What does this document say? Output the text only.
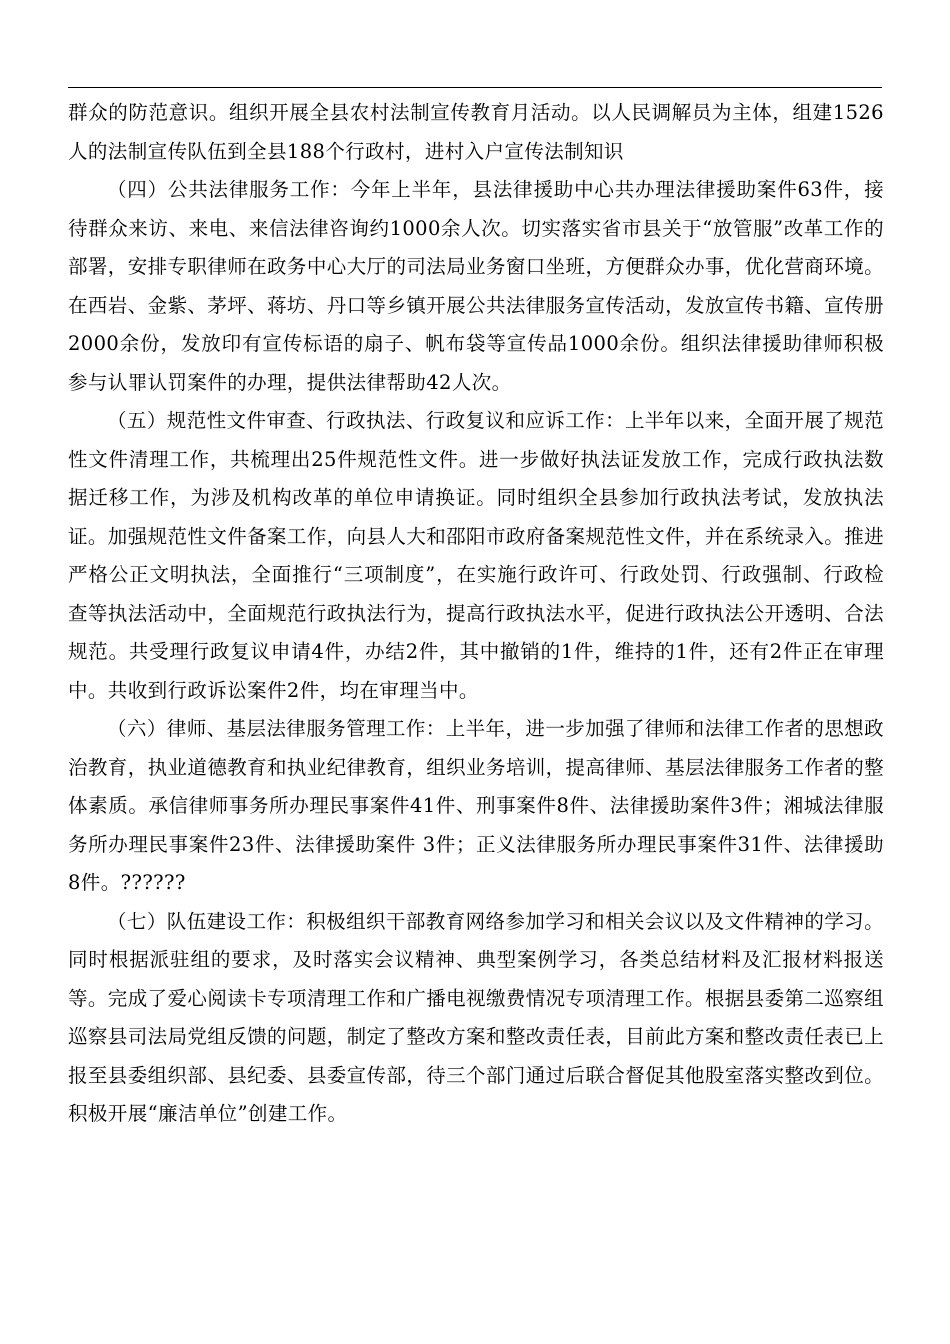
群众的防范意识。组织开展全县农村法制宣传教育月活动。以人民调解员为主体，组建1526人的法制宣传队伍到全县188个行政村，进村入户宣传法制知识

（四）公共法律服务工作：今年上半年，县法律援助中心共办理法律援助案件63件，接待群众来访、来电、来信法律咨询约1000余人次。切实落实省市县关于“放管服”改革工作的部署，安排专职律师在政务中心大厅的司法局业务窗口坐班，方便群众办事，优化营商环境。在西岩、金紫、茅坪、蒋坊、丹口等乡镇开展公共法律服务宣传活动，发放宣传书籍、宣传册2000余份，发放印有宣传标语的扇子、帆布袋等宣传品1000余份。组织法律援助律师积极参与认罪认罚案件的办理，提供法律帮助42人次。

（五）规范性文件审查、行政执法、行政复议和应诉工作：上半年以来，全面开展了规范性文件清理工作，共梳理出25件规范性文件。进一步做好执法证发放工作，完成行政执法数据迁移工作，为涉及机构改革的单位申请换证。同时组织全县参加行政执法考试，发放执法证。加强规范性文件备案工作，向县人大和邵阳市政府备案规范性文件，并在系统录入。推进严格公正文明执法，全面推行“三项制度”，在实施行政许可、行政处罚、行政强制、行政检查等执法活动中，全面规范行政执法行为，提高行政执法水平，促进行政执法公开透明、合法规范。共受理行政复议申请4件，办结2件，其中撤销的1件，维持的1件，还有2件正在审理中。共收到行政诉讼案件2件，均在审理当中。

（六）律师、基层法律服务管理工作：上半年，进一步加强了律师和法律工作者的思想政治教育，执业道德教育和执业纪律教育，组织业务培训，提高律师、基层法律服务工作者的整体素质。承信律师事务所办理民事案件41件、刑事案件8件、法律援助案件3件；湘城法律服务所办理民事案件23件、法律援助案件 3件；正义法律服务所办理民事案件31件、法律援助8件。??????

（七）队伍建设工作：积极组织干部教育网络参加学习和相关会议以及文件精神的学习。同时根据派驻组的要求，及时落实会议精神、典型案例学习，各类总结材料及汇报材料报送等。完成了爱心阅读卡专项清理工作和广播电视缴费情况专项清理工作。根据县委第二巡察组巡察县司法局党组反馈的问题，制定了整改方案和整改责任表，目前此方案和整改责任表已上报至县委组织部、县纪委、县委宣传部，待三个部门通过后联合督促其他股室落实整改到位。积极开展“廉洁单位”创建工作。
